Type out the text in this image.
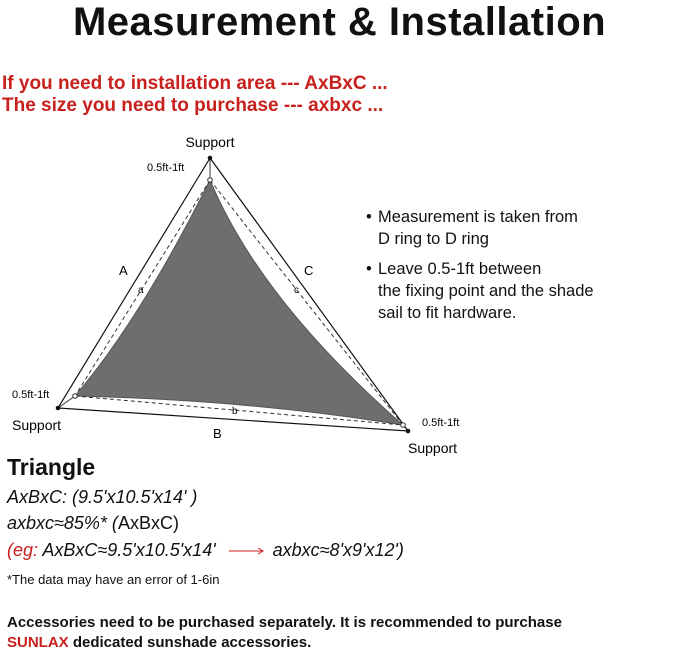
Measurement & Installation
If you need to installation area --- AxBxC ...
The size you need to purchase --- axbxc ...
Support
0.5ft-1ft
0.5ft-1ft
Support	0.5ft-1ft
Support
A
a
C
c
B
b
• Measurement is taken from
D ring to D ring
• Leave 0.5-1ft between
the fixing point and the shade
sail to fit hardware.
Triangle
AxBxC: (9.5'x10.5'x14' )
axbxc≈85%* (AxBxC)
(eg: AxBxC≈9.5'x10.5'x14'	axbxc≈8'x9'x12')
*The data may have an error of 1-6in
Accessories need to be purchased separately. It is recommended to purchase
SUNLAX dedicated sunshade accessories.
